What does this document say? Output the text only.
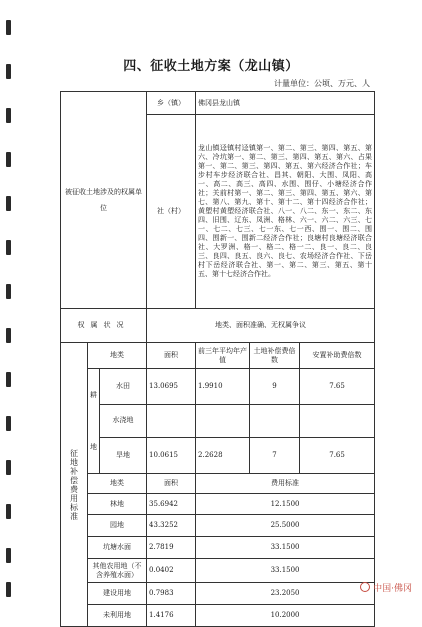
四、征收土地方案（龙山镇）
计量单位：公顷、万元、人
被征收土地涉及的权属单位			乡（镇）	佛冈县龙山镇		
			社（村）	龙山镇迳镇村迳镇第一、第二、第三、第四、第五、第六、冷坑第一、第二、第三、第四、第五、第六、占果第一、第二、第三、第四、第五、第六经济合作社；车步村车步经济联合社、昌其、朝阳、大围、凤阳、高一、高二、高三、高四、水围、围仔、小塘经济合作社；关前村第一、第二、第三、第四、第五、第六、第七、第八、第九、第十、第十二、第十四经济合作社；黄塱村黄塱经济联合社、八一、八二、东一、东二、东四、旧围、辽东、凤洲、格林、六一、六二、六三、七一、七二、七三、七一东、七一西、围一、围二、围四、围新一、围新二经济合作社；良塘村良塘经济联合社、大罗洲、格一、格二、格一二、良一、良二、良三、良四、良五、良六、良七、农场经济合作社、下岳村下岳经济联合社、第一、第二、第三、第五、第十五、第十七经济合作社。		
权属状况			地类、面积准确、无权属争议			
征地补偿费用标准	地类		面积	前三年平均年产值	土地补偿费倍数	安置补助费倍数
	耕地	水田	13.0695	1.9910	9	7.65
		水浇地				
		旱地	10.0615	2.2628	7	7.65
	地类		面积	费用标准		
	林地		35.6942	12.1500		
	园地		43.3252	25.5000		
	坑塘水面		2.7819	33.1500		
	其他农用地（不含养殖水面）		0.0402	33.1500		
	建设用地		0.7983	23.2050		
	未利用地		1.4176	10.2000		
中国·佛冈
